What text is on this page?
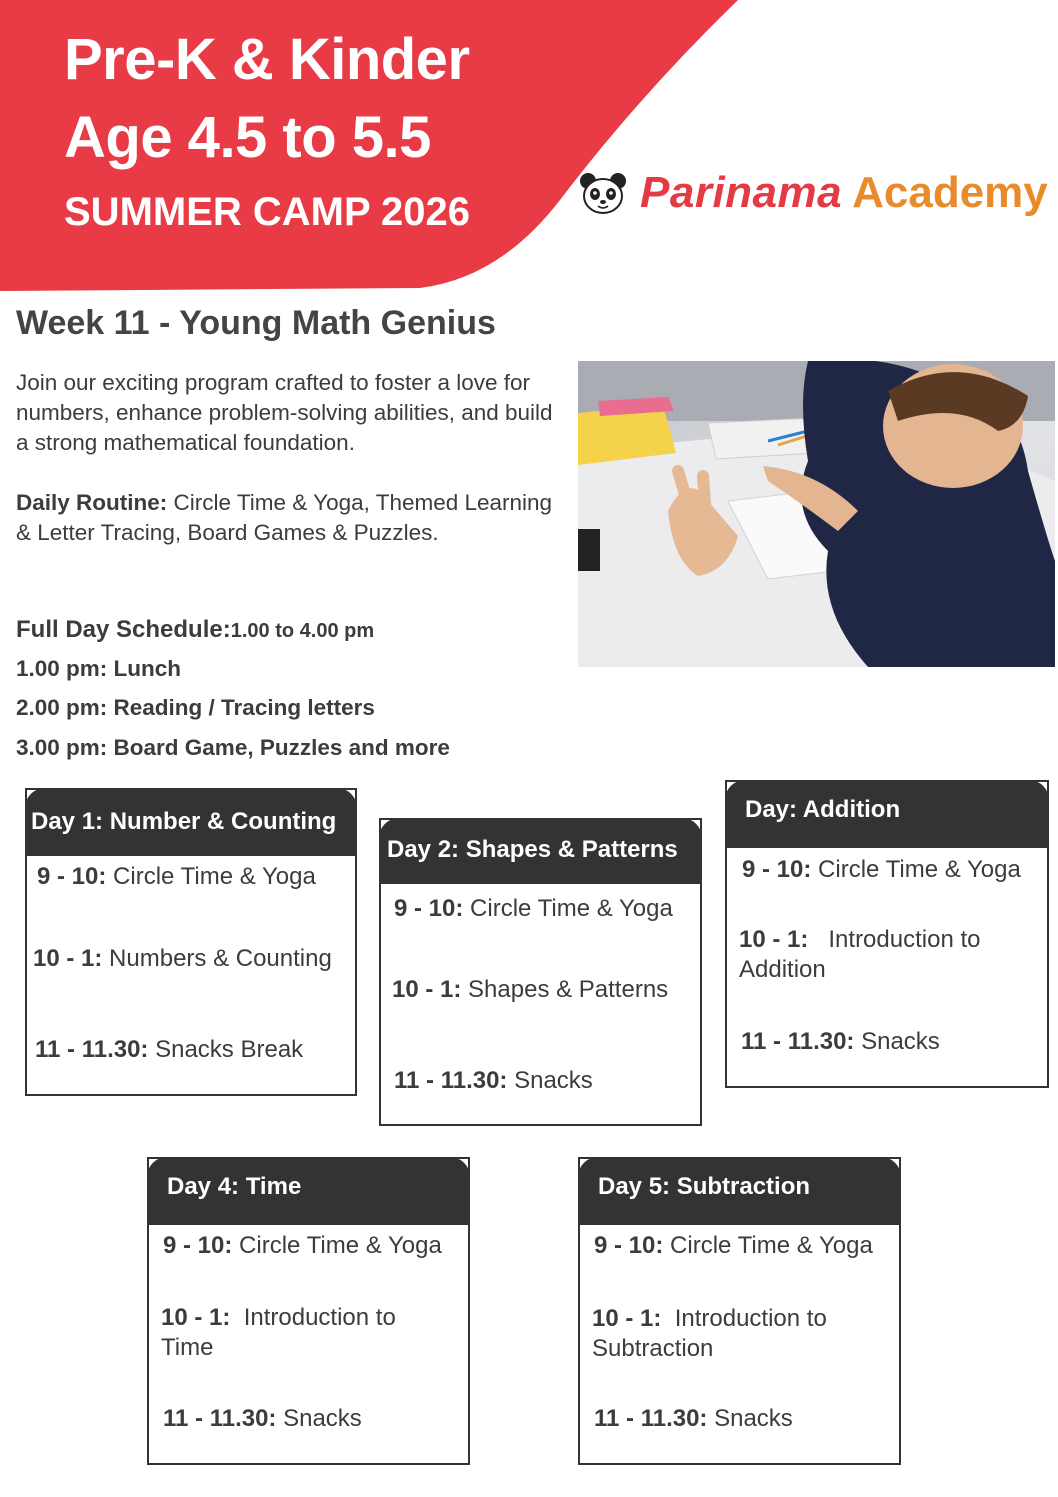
Pre-K & Kinder
Age 4.5 to 5.5
SUMMER CAMP 2026	Parinama Academy
Week 11 - Young Math Genius

Join our exciting program crafted to foster a love for numbers, enhance problem-solving abilities, and build a strong mathematical foundation.

Daily Routine: Circle Time & Yoga, Themed Learning & Letter Tracing, Board Games & Puzzles.

Full Day Schedule:1.00 to 4.00 pm
1.00 pm: Lunch
2.00 pm: Reading / Tracing letters
3.00 pm: Board Game, Puzzles and more
Day 1: Number & Counting
9 - 10: Circle Time & Yoga
10 - 1: Numbers & Counting
11 - 11.30: Snacks Break
Day 2: Shapes & Patterns
9 - 10: Circle Time & Yoga
10 - 1: Shapes & Patterns
11 - 11.30: Snacks
Day: Addition
9 - 10: Circle Time & Yoga
10 - 1:   Introduction to Addition
11 - 11.30: Snacks
Day 4: Time
9 - 10: Circle Time & Yoga
10 - 1:  Introduction to Time
11 - 11.30: Snacks
Day 5: Subtraction
9 - 10: Circle Time & Yoga
10 - 1:  Introduction to Subtraction
11 - 11.30: Snacks
